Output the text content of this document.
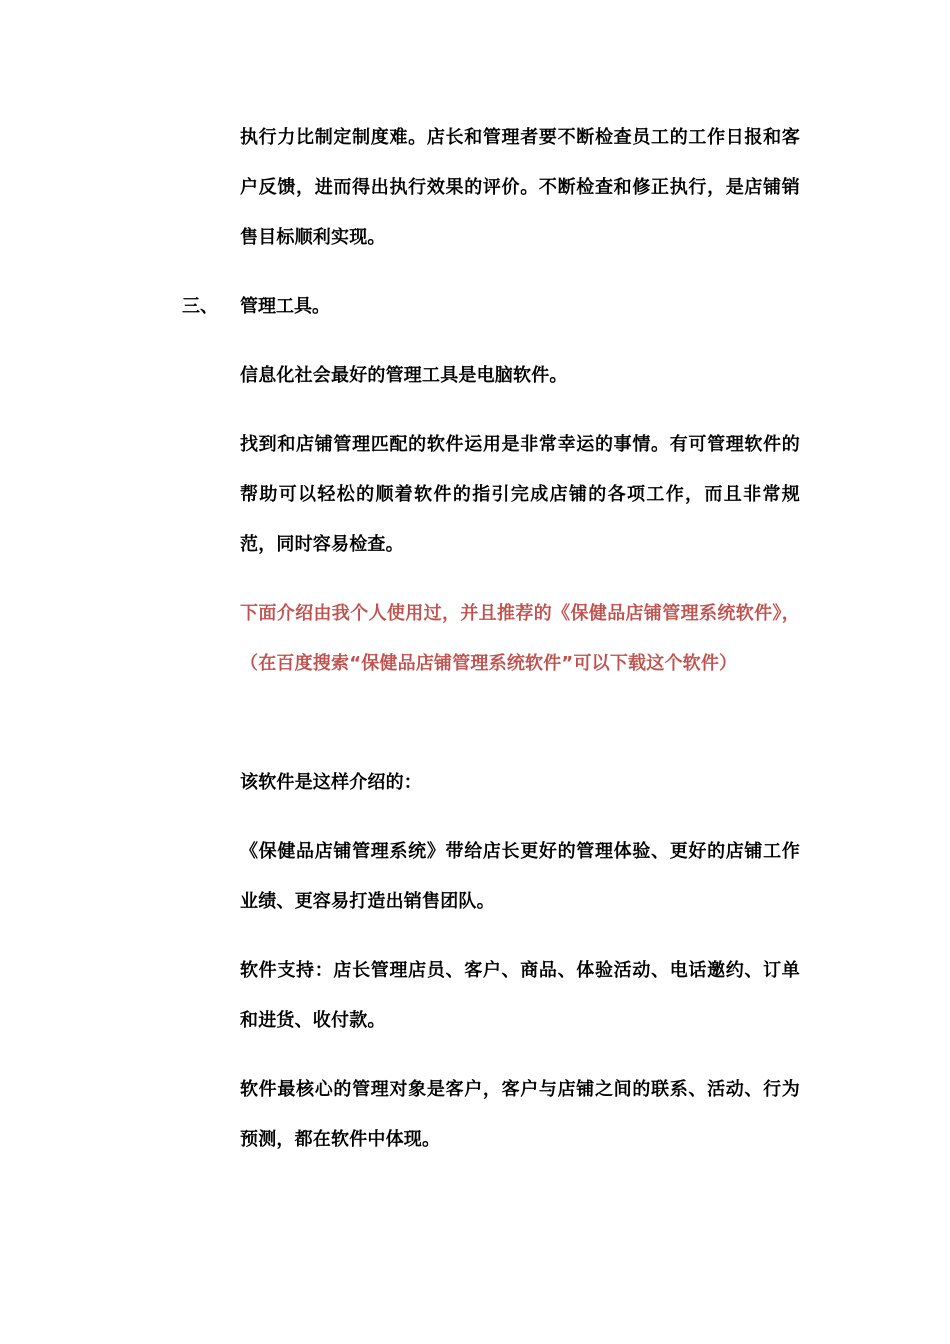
执行力比制定制度难。店长和管理者要不断检查员工的工作日报和客户反馈，进而得出执行效果的评价。不断检查和修正执行，是店铺销售目标顺利实现。
三、 管理工具。
信息化社会最好的管理工具是电脑软件。
找到和店铺管理匹配的软件运用是非常幸运的事情。有可管理软件的帮助可以轻松的顺着软件的指引完成店铺的各项工作，而且非常规范，同时容易检查。
下面介绍由我个人使用过，并且推荐的《保健品店铺管理系统软件》，（在百度搜索“保健品店铺管理系统软件”可以下载这个软件）
该软件是这样介绍的：
《保健品店铺管理系统》带给店长更好的管理体验、更好的店铺工作业绩、更容易打造出销售团队。
软件支持：店长管理店员、客户、商品、体验活动、电话邀约、订单和进货、收付款。
软件最核心的管理对象是客户，客户与店铺之间的联系、活动、行为预测，都在软件中体现。
